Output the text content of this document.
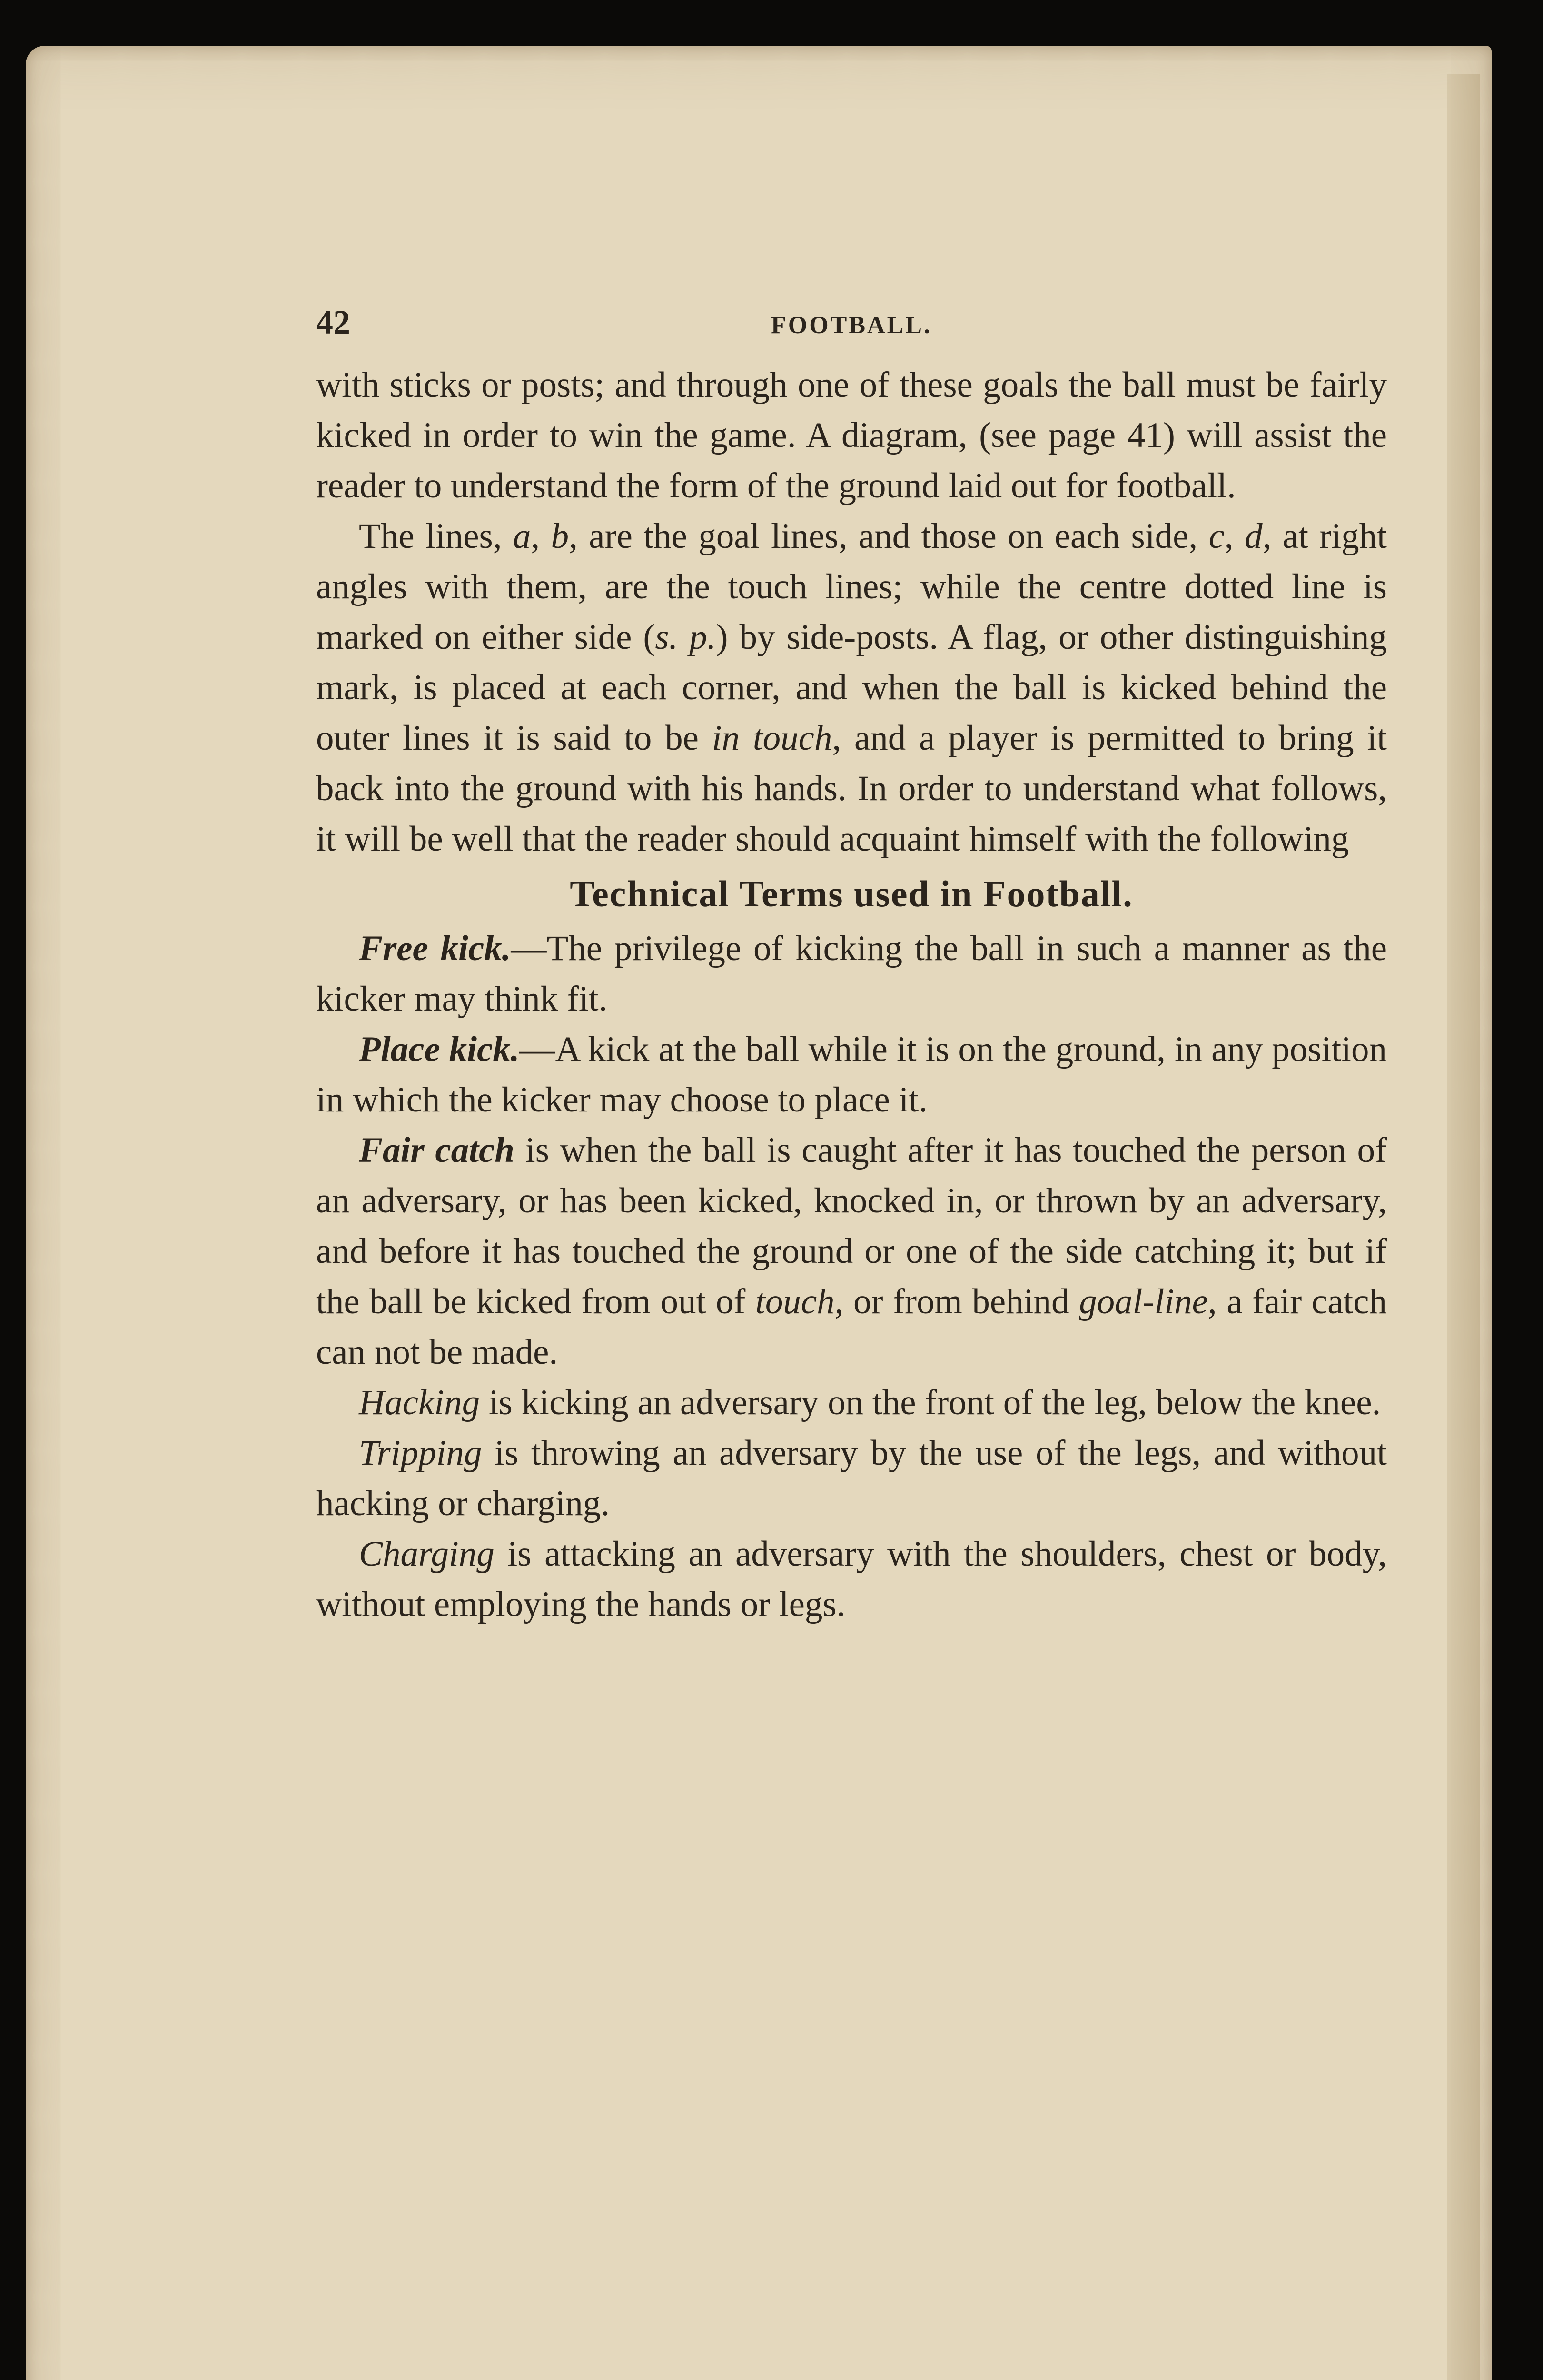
42	FOOTBALL.

with sticks or posts; and through one of these goals the ball must be fairly kicked in order to win the game. A diagram, (see page 41) will assist the reader to understand the form of the ground laid out for football.

The lines, a, b, are the goal lines, and those on each side, c, d, at right angles with them, are the touch lines; while the centre dotted line is marked on either side (s. p.) by side-posts. A flag, or other distinguishing mark, is placed at each corner, and when the ball is kicked behind the outer lines it is said to be in touch, and a player is permitted to bring it back into the ground with his hands. In order to understand what follows, it will be well that the reader should acquaint himself with the following

Technical Terms used in Football.

Free kick.—The privilege of kicking the ball in such a manner as the kicker may think fit.

Place kick.—A kick at the ball while it is on the ground, in any position in which the kicker may choose to place it.

Fair catch is when the ball is caught after it has touched the person of an adversary, or has been kicked, knocked in, or thrown by an adversary, and before it has touched the ground or one of the side catching it; but if the ball be kicked from out of touch, or from behind goal-line, a fair catch can not be made.

Hacking is kicking an adversary on the front of the leg, below the knee.

Tripping is throwing an adversary by the use of the legs, and without hacking or charging.

Charging is attacking an adversary with the shoulders, chest or body, without employing the hands or legs.
